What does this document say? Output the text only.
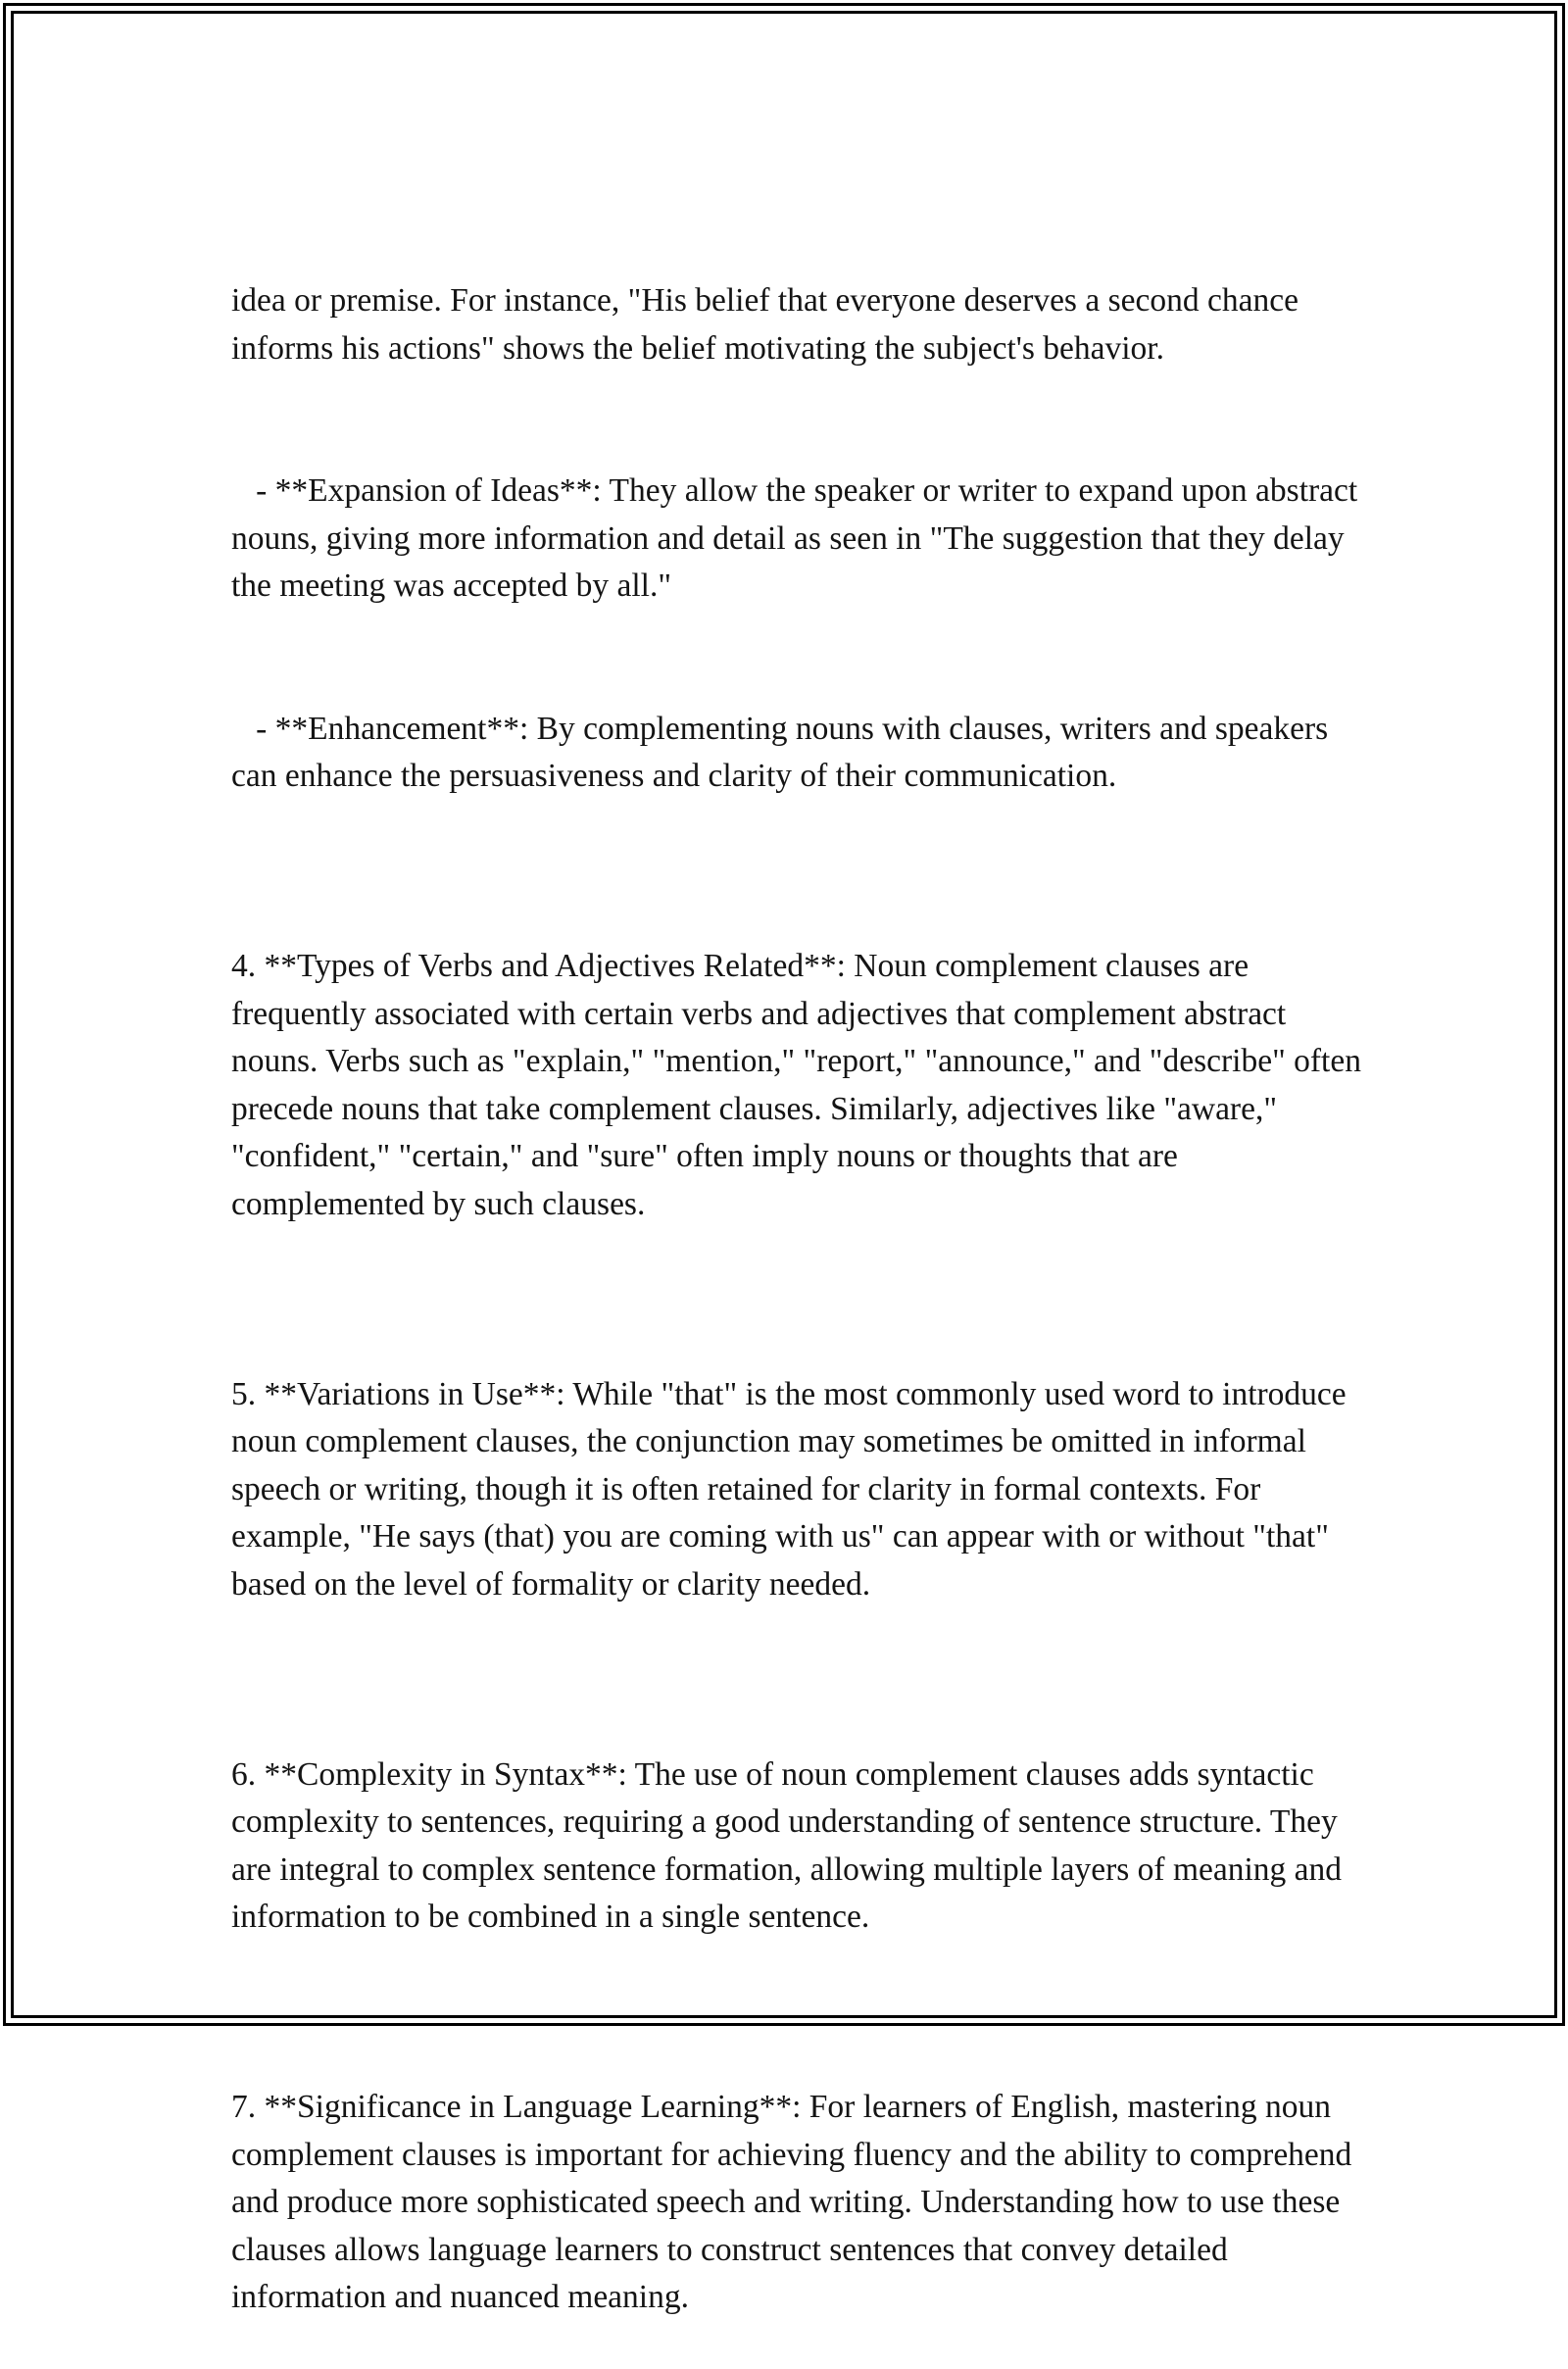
idea or premise. For instance, "His belief that everyone deserves a second chance informs his actions" shows the belief motivating the subject's behavior.

- **Expansion of Ideas**: They allow the speaker or writer to expand upon abstract nouns, giving more information and detail as seen in "The suggestion that they delay the meeting was accepted by all."

- **Enhancement**: By complementing nouns with clauses, writers and speakers can enhance the persuasiveness and clarity of their communication.

4. **Types of Verbs and Adjectives Related**: Noun complement clauses are frequently associated with certain verbs and adjectives that complement abstract nouns. Verbs such as "explain," "mention," "report," "announce," and "describe" often precede nouns that take complement clauses. Similarly, adjectives like "aware," "confident," "certain," and "sure" often imply nouns or thoughts that are complemented by such clauses.

5. **Variations in Use**: While "that" is the most commonly used word to introduce noun complement clauses, the conjunction may sometimes be omitted in informal speech or writing, though it is often retained for clarity in formal contexts. For example, "He says (that) you are coming with us" can appear with or without "that" based on the level of formality or clarity needed.

6. **Complexity in Syntax**: The use of noun complement clauses adds syntactic complexity to sentences, requiring a good understanding of sentence structure. They are integral to complex sentence formation, allowing multiple layers of meaning and information to be combined in a single sentence.

7. **Significance in Language Learning**: For learners of English, mastering noun complement clauses is important for achieving fluency and the ability to comprehend and produce more sophisticated speech and writing. Understanding how to use these clauses allows language learners to construct sentences that convey detailed information and nuanced meaning.
